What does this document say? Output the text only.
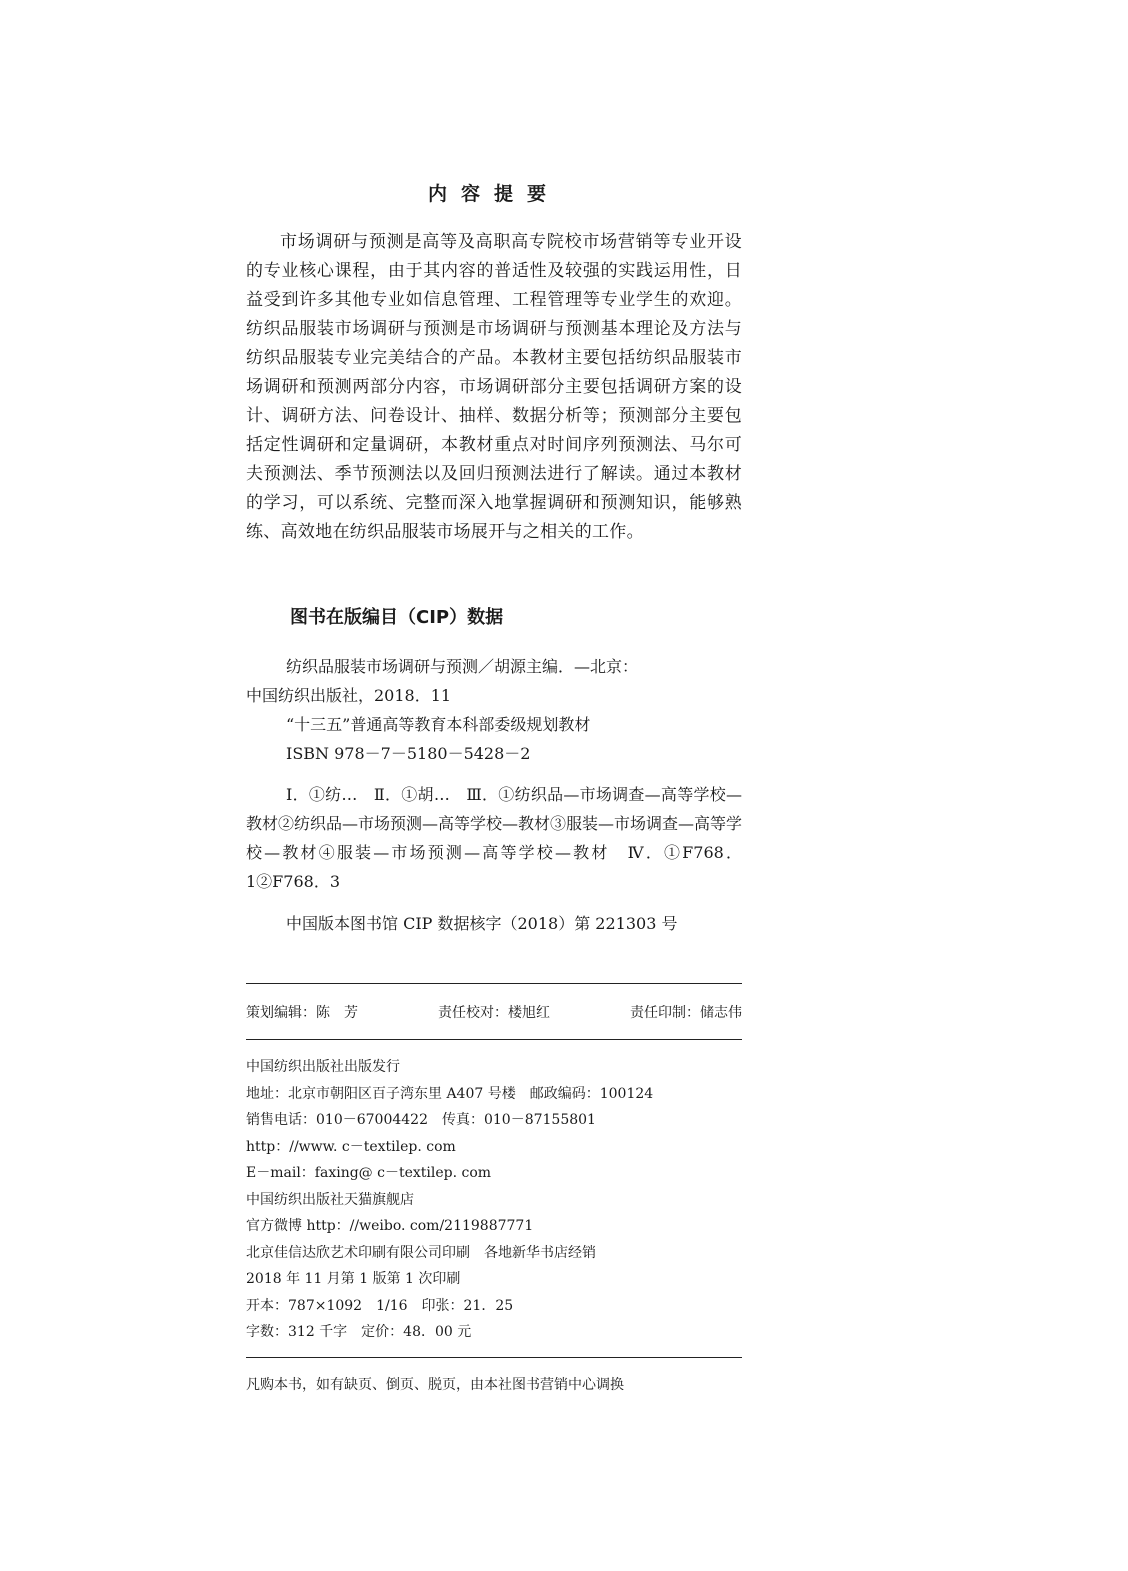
内容提要
市场调研与预测是高等及高职高专院校市场营销等专业开设的专业核心课程，由于其内容的普适性及较强的实践运用性，日益受到许多其他专业如信息管理、工程管理等专业学生的欢迎。纺织品服装市场调研与预测是市场调研与预测基本理论及方法与纺织品服装专业完美结合的产品。本教材主要包括纺织品服装市场调研和预测两部分内容，市场调研部分主要包括调研方案的设计、调研方法、问卷设计、抽样、数据分析等；预测部分主要包括定性调研和定量调研，本教材重点对时间序列预测法、马尔可夫预测法、季节预测法以及回归预测法进行了解读。通过本教材的学习，可以系统、完整而深入地掌握调研和预测知识，能够熟练、高效地在纺织品服装市场展开与之相关的工作。
图书在版编目（CIP）数据
纺织品服装市场调研与预测／胡源主编．—北京：
中国纺织出版社，2018．11
“十三五”普通高等教育本科部委级规划教材
ISBN 978－7－5180－5428－2
Ⅰ．①纺…　Ⅱ．①胡…　Ⅲ．①纺织品—市场调查—高等学校—教材②纺织品—市场预测—高等学校—教材③服装—市场调查—高等学校—教材④服装—市场预测—高等学校—教材　Ⅳ．①F768．1②F768．3
中国版本图书馆 CIP 数据核字（2018）第 221303 号
策划编辑：陈　芳	责任校对：楼旭红	责任印制：储志伟
中国纺织出版社出版发行
地址：北京市朝阳区百子湾东里 A407 号楼　邮政编码：100124
销售电话：010－67004422　传真：010－87155801
http：//www. c－textilep. com
E－mail：faxing@ c－textilep. com
中国纺织出版社天猫旗舰店
官方微博 http：//weibo. com/2119887771
北京佳信达欣艺术印刷有限公司印刷　各地新华书店经销
2018 年 11 月第 1 版第 1 次印刷
开本：787×1092　1/16　印张：21．25
字数：312 千字　定价：48．00 元
凡购本书，如有缺页、倒页、脱页，由本社图书营销中心调换
